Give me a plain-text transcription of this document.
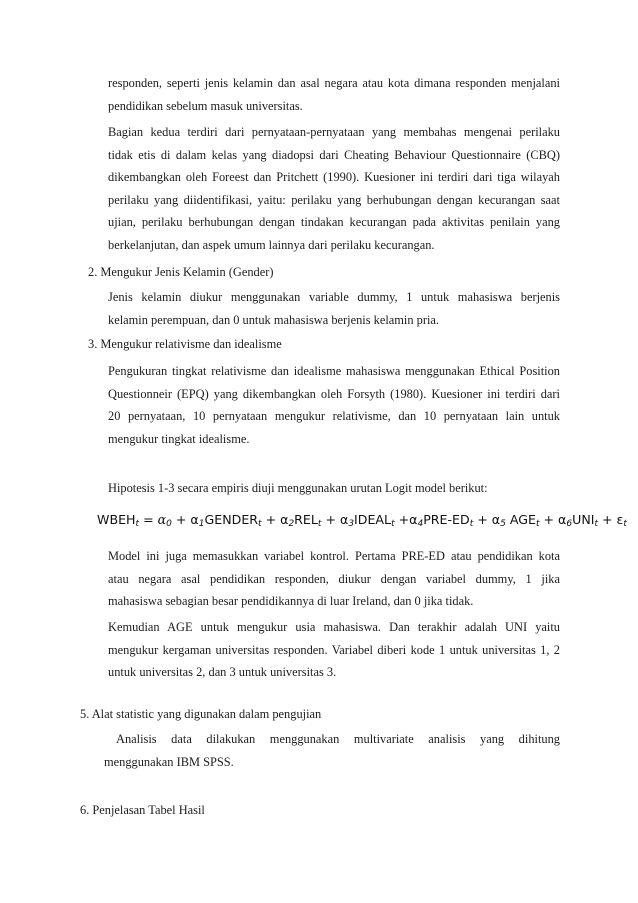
responden, seperti jenis kelamin dan asal negara atau kota dimana responden menjalani
pendidikan sebelum masuk universitas.
Bagian kedua terdiri dari pernyataan-pernyataan yang membahas mengenai perilaku
tidak etis di dalam kelas yang diadopsi dari Cheating Behaviour Questionnaire (CBQ)
dikembangkan oleh Foreest dan Pritchett (1990). Kuesioner ini terdiri dari tiga wilayah
perilaku yang diidentifikasi, yaitu: perilaku yang berhubungan dengan kecurangan saat
ujian, perilaku berhubungan dengan tindakan kecurangan pada aktivitas penilain yang
berkelanjutan, dan aspek umum lainnya dari perilaku kecurangan.
2. Mengukur Jenis Kelamin (Gender)
Jenis kelamin diukur menggunakan variable dummy, 1 untuk mahasiswa berjenis
kelamin perempuan, dan 0 untuk mahasiswa berjenis kelamin pria.
3. Mengukur relativisme dan idealisme
Pengukuran tingkat relativisme dan idealisme mahasiswa menggunakan Ethical Position
Questionneir (EPQ) yang dikembangkan oleh Forsyth (1980). Kuesioner ini terdiri dari
20 pernyataan, 10 pernyataan mengukur relativisme, dan 10 pernyataan lain untuk
mengukur tingkat idealisme.
Hipotesis 1-3 secara empiris diuji menggunakan urutan Logit model berikut:
$WBEH_t = \alpha_0$ + $\alpha_1GENDER_t + \alpha_2REL_t$ + $\alpha_3IDEAL_t +\alpha_4PRE-ED_t + \alpha_5$ $AGE_t + \alpha_6UNI_t + \varepsilon_t$
Model ini juga memasukkan variabel kontrol. Pertama PRE-ED atau pendidikan kota
atau negara asal pendidikan responden, diukur dengan variabel dummy, 1 jika
mahasiswa sebagian besar pendidikannya di luar Ireland, dan 0 jika tidak.
Kemudian AGE untuk mengukur usia mahasiswa. Dan terakhir adalah UNI yaitu
mengukur kergaman universitas responden. Variabel diberi kode 1 untuk universitas 1, 2
untuk universitas 2, dan 3 untuk universitas 3.
5. Alat statistic yang digunakan dalam pengujian
Analisis data dilakukan menggunakan multivariate analisis yang dihitung
menggunakan IBM SPSS.
6. Penjelasan Tabel Hasil
